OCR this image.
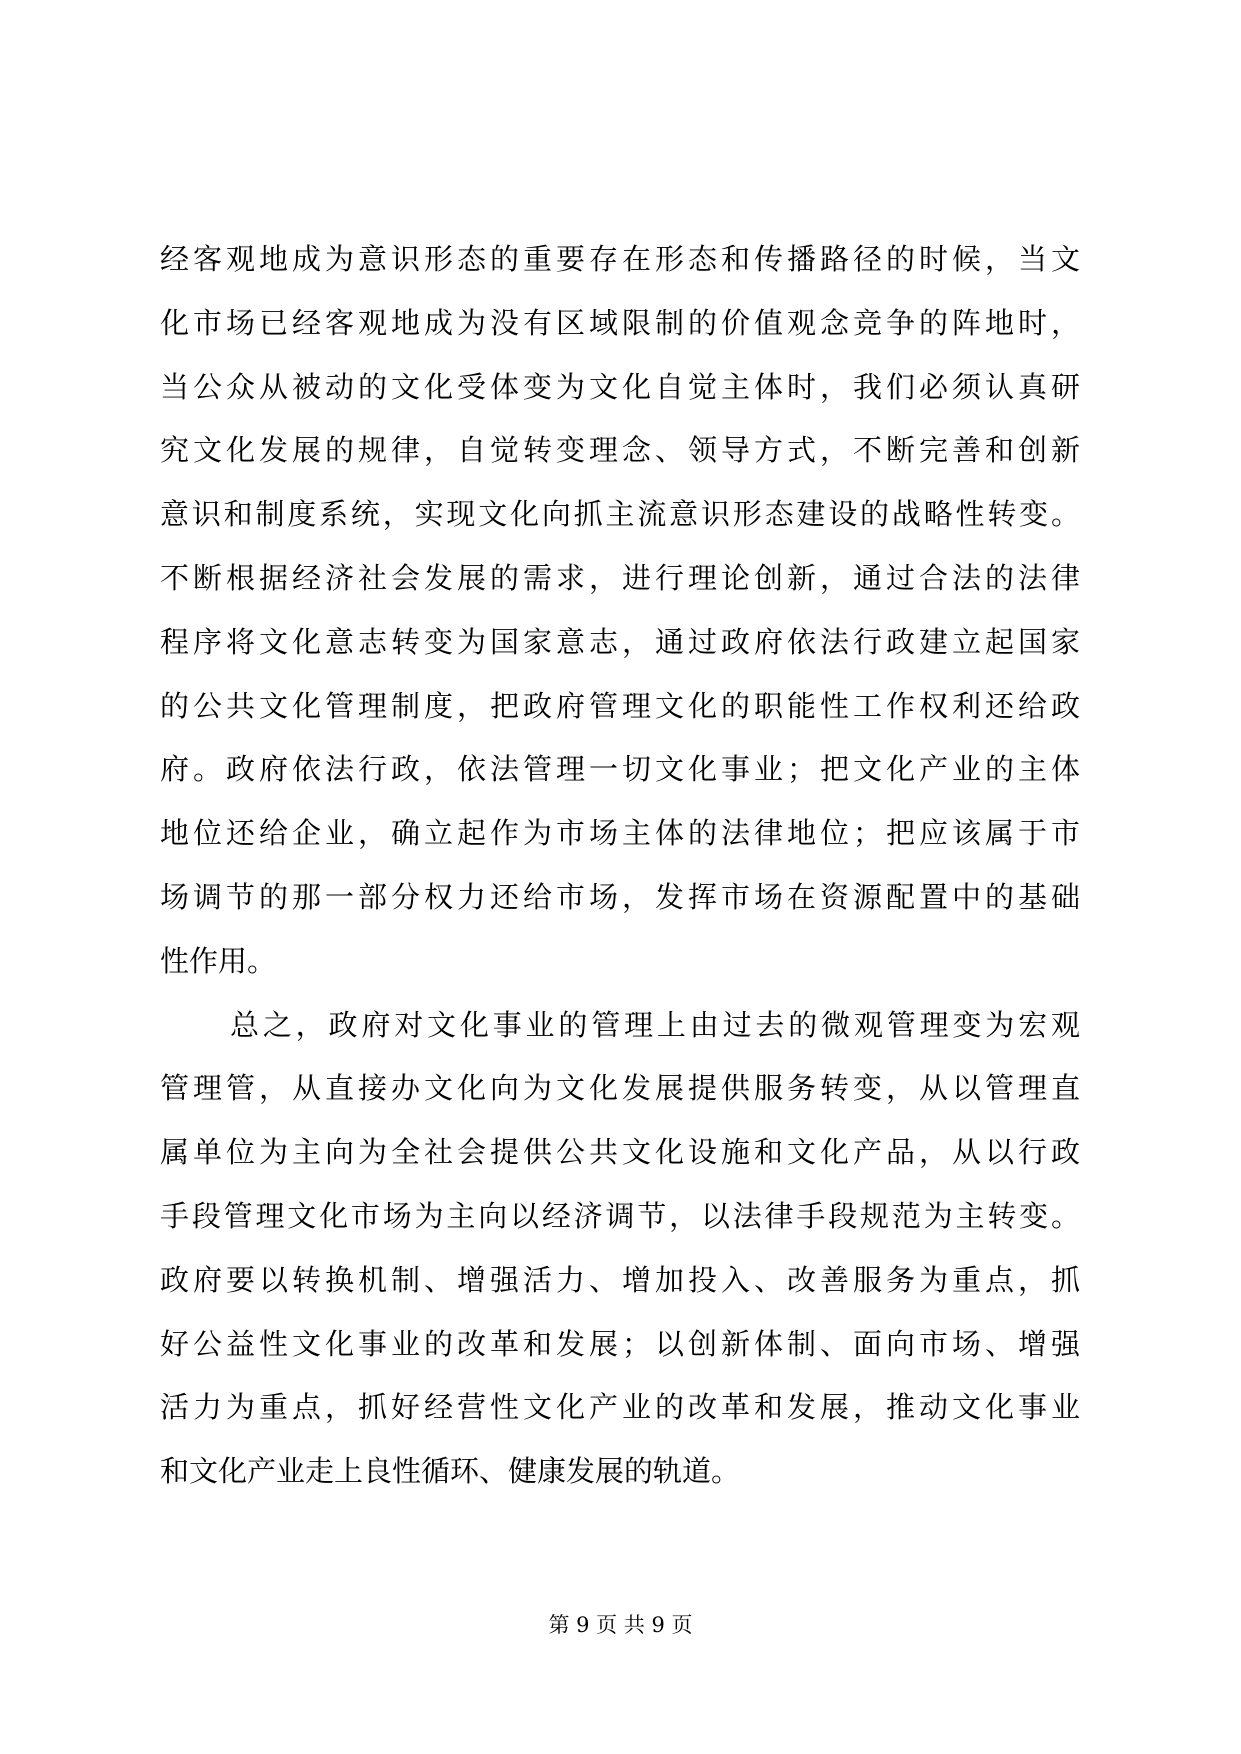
经客观地成为意识形态的重要存在形态和传播路径的时候，当文
化市场已经客观地成为没有区域限制的价值观念竞争的阵地时，
当公众从被动的文化受体变为文化自觉主体时，我们必须认真研
究文化发展的规律，自觉转变理念、领导方式，不断完善和创新
意识和制度系统，实现文化向抓主流意识形态建设的战略性转变。
不断根据经济社会发展的需求，进行理论创新，通过合法的法律
程序将文化意志转变为国家意志，通过政府依法行政建立起国家
的公共文化管理制度，把政府管理文化的职能性工作权利还给政
府。政府依法行政，依法管理一切文化事业；把文化产业的主体
地位还给企业，确立起作为市场主体的法律地位；把应该属于市
场调节的那一部分权力还给市场，发挥市场在资源配置中的基础
性作用。
总之，政府对文化事业的管理上由过去的微观管理变为宏观
管理管，从直接办文化向为文化发展提供服务转变，从以管理直
属单位为主向为全社会提供公共文化设施和文化产品，从以行政
手段管理文化市场为主向以经济调节，以法律手段规范为主转变。
政府要以转换机制、增强活力、增加投入、改善服务为重点，抓
好公益性文化事业的改革和发展；以创新体制、面向市场、增强
活力为重点，抓好经营性文化产业的改革和发展，推动文化事业
和文化产业走上良性循环、健康发展的轨道。
第 9 页 共 9 页
